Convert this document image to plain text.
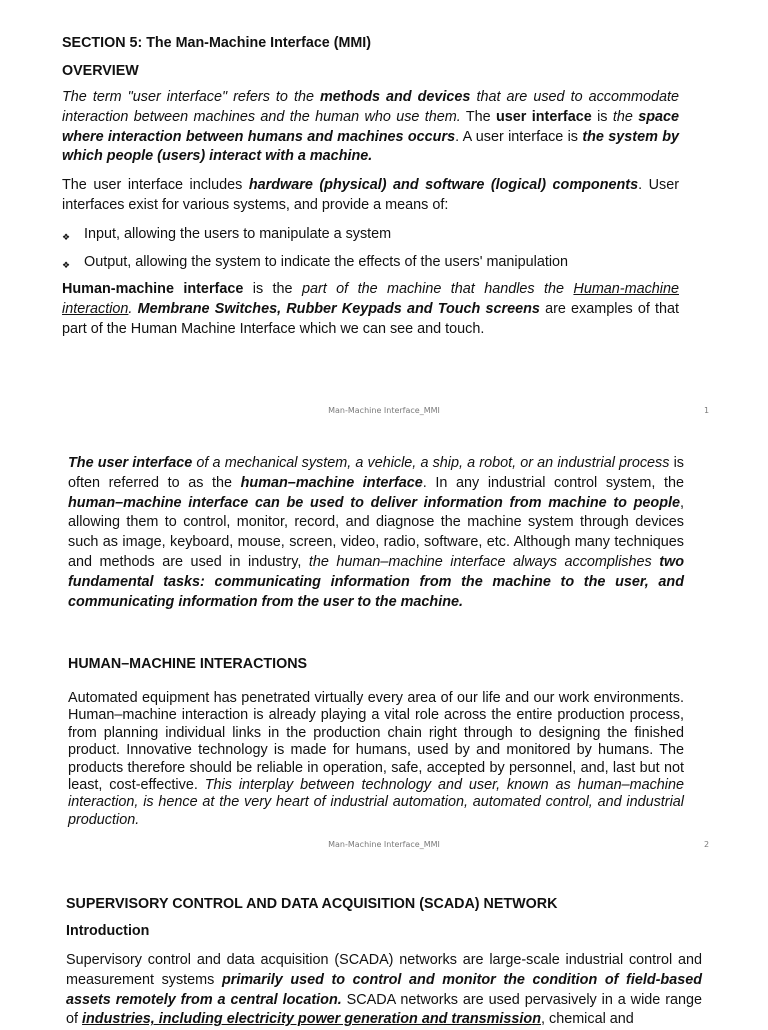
SECTION 5: The Man-Machine Interface (MMI)
OVERVIEW

The term "user interface" refers to the methods and devices that are used to accommodate interaction between machines and the human who use them. The user interface is the space where interaction between humans and machines occurs. A user interface is the system by which people (users) interact with a machine.

The user interface includes hardware (physical) and software (logical) components. User interfaces exist for various systems, and provide a means of:

❖ Input, allowing the users to manipulate a system
❖ Output, allowing the system to indicate the effects of the users' manipulation

Human-machine interface is the part of the machine that handles the Human-machine interaction. Membrane Switches, Rubber Keypads and Touch screens are examples of that part of the Human Machine Interface which we can see and touch.

Man-Machine Interface_MMI	1

The user interface of a mechanical system, a vehicle, a ship, a robot, or an industrial process is often referred to as the human–machine interface. In any industrial control system, the human–machine interface can be used to deliver information from machine to people, allowing them to control, monitor, record, and diagnose the machine system through devices such as image, keyboard, mouse, screen, video, radio, software, etc. Although many techniques and methods are used in industry, the human–machine interface always accomplishes two fundamental tasks: communicating information from the machine to the user, and communicating information from the user to the machine.

HUMAN–MACHINE INTERACTIONS

Automated equipment has penetrated virtually every area of our life and our work environments. Human–machine interaction is already playing a vital role across the entire production process, from planning individual links in the production chain right through to designing the finished product. Innovative technology is made for humans, used by and monitored by humans. The products therefore should be reliable in operation, safe, accepted by personnel, and, last but not least, cost-effective. This interplay between technology and user, known as human–machine interaction, is hence at the very heart of industrial automation, automated control, and industrial production.

Man-Machine Interface_MMI	2
SUPERVISORY CONTROL AND DATA ACQUISITION (SCADA) NETWORK
Introduction

Supervisory control and data acquisition (SCADA) networks are large-scale industrial control and measurement systems primarily used to control and monitor the condition of field-based assets remotely from a central location. SCADA networks are used pervasively in a wide range of industries, including electricity power generation and transmission, chemical and
